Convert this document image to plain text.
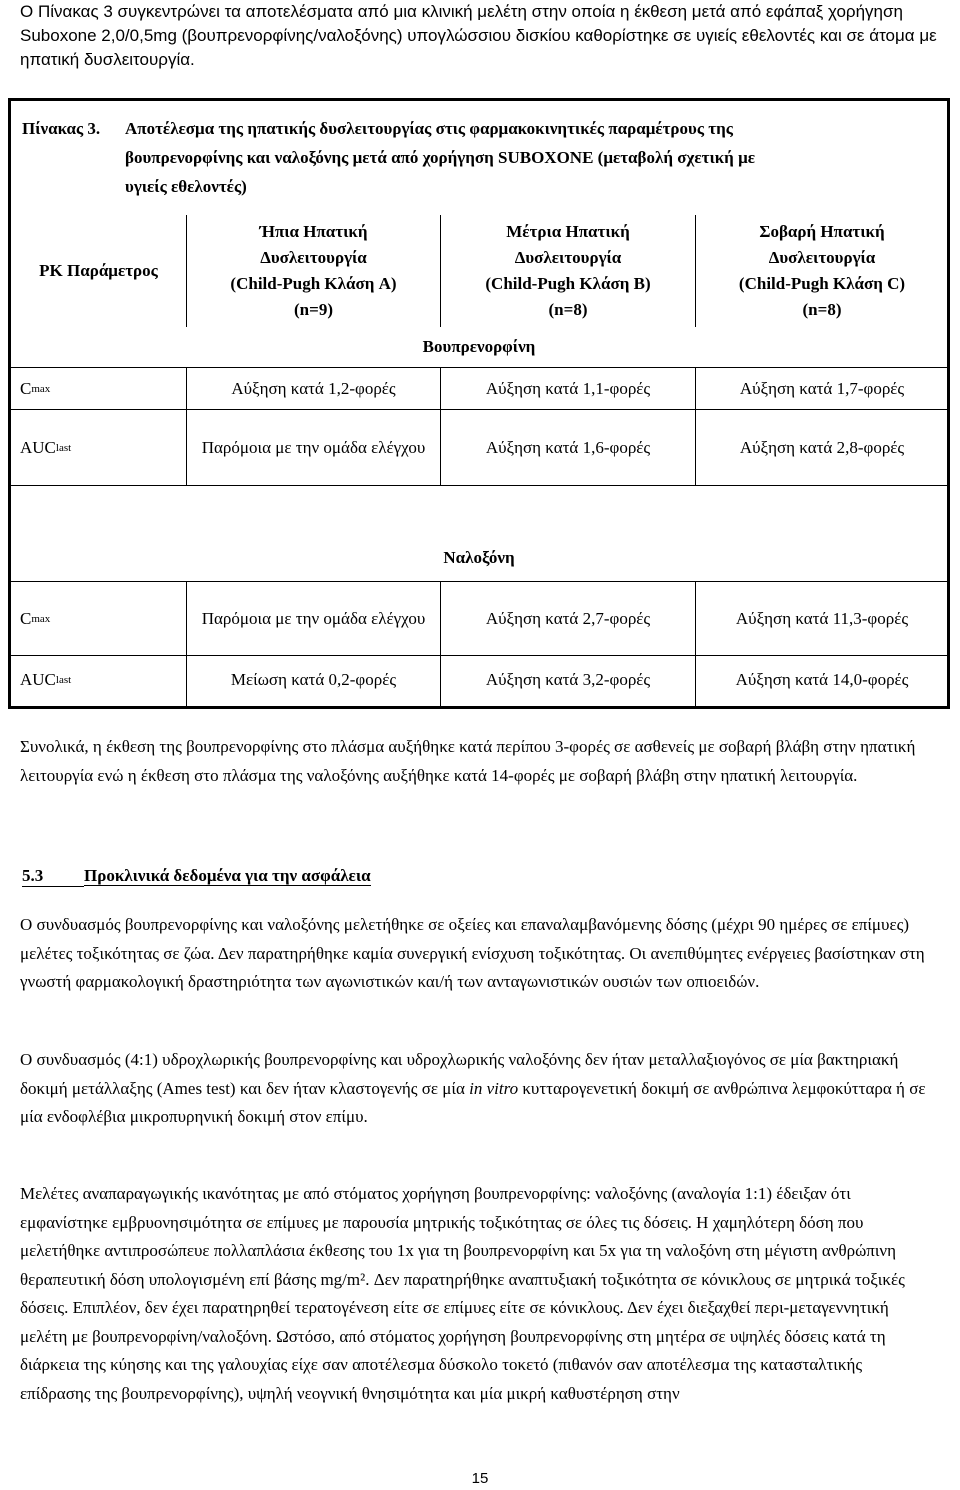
Ο Πίνακας 3 συγκεντρώνει τα αποτελέσματα από μια κλινική μελέτη στην οποία η έκθεση μετά από εφάπαξ χορήγηση Suboxone 2,0/0,5mg (βουπρενορφίνης/ναλοξόνης) υπογλώσσιου δισκίου καθορίστηκε σε υγιείς εθελοντές και σε άτομα με ηπατική δυσλειτουργία.
Πίνακας 3. Αποτέλεσμα της ηπατικής δυσλειτουργίας στις φαρμακοκινητικές παραμέτρους της
βουπρενορφίνης και ναλοξόνης μετά από χορήγηση SUBOXONE (μεταβολή σχετική με
υγιείς εθελοντές)
PK Παράμετρος
Ήπια Ηπατική
Δυσλειτουργία
(Child-Pugh Κλάση A)
(n=9)
Μέτρια Ηπατική
Δυσλειτουργία
(Child-Pugh Κλάση B)
(n=8)
Σοβαρή Ηπατική
Δυσλειτουργία
(Child-Pugh Κλάση C)
(n=8)
Βουπρενορφίνη
C max	Αύξηση κατά 1,2-φορές	Αύξηση κατά 1,1-φορές	Αύξηση κατά 1,7-φορές
AUC last	Παρόμοια με την ομάδα ελέγχου	Αύξηση κατά 1,6-φορές	Αύξηση κατά 2,8-φορές
Ναλοξόνη
C max	Παρόμοια με την ομάδα ελέγχου	Αύξηση κατά 2,7-φορές	Αύξηση κατά 11,3-φορές
AUC last	Μείωση κατά 0,2-φορές	Αύξηση κατά 3,2-φορές	Αύξηση κατά 14,0-φορές
Συνολικά, η έκθεση της βουπρενορφίνης στο πλάσμα αυξήθηκε κατά περίπου 3-φορές σε ασθενείς με σοβαρή βλάβη στην ηπατική λειτουργία ενώ η έκθεση στο πλάσμα της ναλοξόνης αυξήθηκε κατά 14-φορές με σοβαρή βλάβη στην ηπατική λειτουργία.
5.3 Προκλινικά δεδομένα για την ασφάλεια
Ο συνδυασμός βουπρενορφίνης και ναλοξόνης μελετήθηκε σε οξείες και επαναλαμβανόμενης δόσης (μέχρι 90 ημέρες σε επίμυες) μελέτες τοξικότητας σε ζώα. Δεν παρατηρήθηκε καμία συνεργική ενίσχυση τοξικότητας. Οι ανεπιθύμητες ενέργειες βασίστηκαν στη γνωστή φαρμακολογική δραστηριότητα των αγωνιστικών και/ή των ανταγωνιστικών ουσιών των οπιοειδών.
Ο συνδυασμός (4:1) υδροχλωρικής βουπρενορφίνης και υδροχλωρικής ναλοξόνης δεν ήταν μεταλλαξιογόνος σε μία βακτηριακή δοκιμή μετάλλαξης (Ames test) και δεν ήταν κλαστογενής σε μία in vitro κυτταρογενετική δοκιμή σε ανθρώπινα λεμφοκύτταρα ή σε μία ενδοφλέβια μικροπυρηνική δοκιμή στον επίμυ.
Μελέτες αναπαραγωγικής ικανότητας με από στόματος χορήγηση βουπρενορφίνης: ναλοξόνης (αναλογία 1:1) έδειξαν ότι εμφανίστηκε εμβρυονησιμότητα σε επίμυες με παρουσία μητρικής τοξικότητας σε όλες τις δόσεις. Η χαμηλότερη δόση που μελετήθηκε αντιπροσώπευε πολλαπλάσια έκθεσης του 1x για τη βουπρενορφίνη και 5x για τη ναλοξόνη στη μέγιστη ανθρώπινη θεραπευτική δόση υπολογισμένη επί βάσης mg/m². Δεν παρατηρήθηκε αναπτυξιακή τοξικότητα σε κόνικλους σε μητρικά τοξικές δόσεις. Επιπλέον, δεν έχει παρατηρηθεί τερατογένεση είτε σε επίμυες είτε σε κόνικλους. Δεν έχει διεξαχθεί περι-μεταγεννητική μελέτη με βουπρενορφίνη/ναλοξόνη. Ωστόσο, από στόματος χορήγηση βουπρενορφίνης στη μητέρα σε υψηλές δόσεις κατά τη διάρκεια της κύησης και της γαλουχίας είχε σαν αποτέλεσμα δύσκολο τοκετό (πιθανόν σαν αποτέλεσμα της κατασταλτικής επίδρασης της βουπρενορφίνης), υψηλή νεογνική θνησιμότητα και μία μικρή καθυστέρηση στην
15
